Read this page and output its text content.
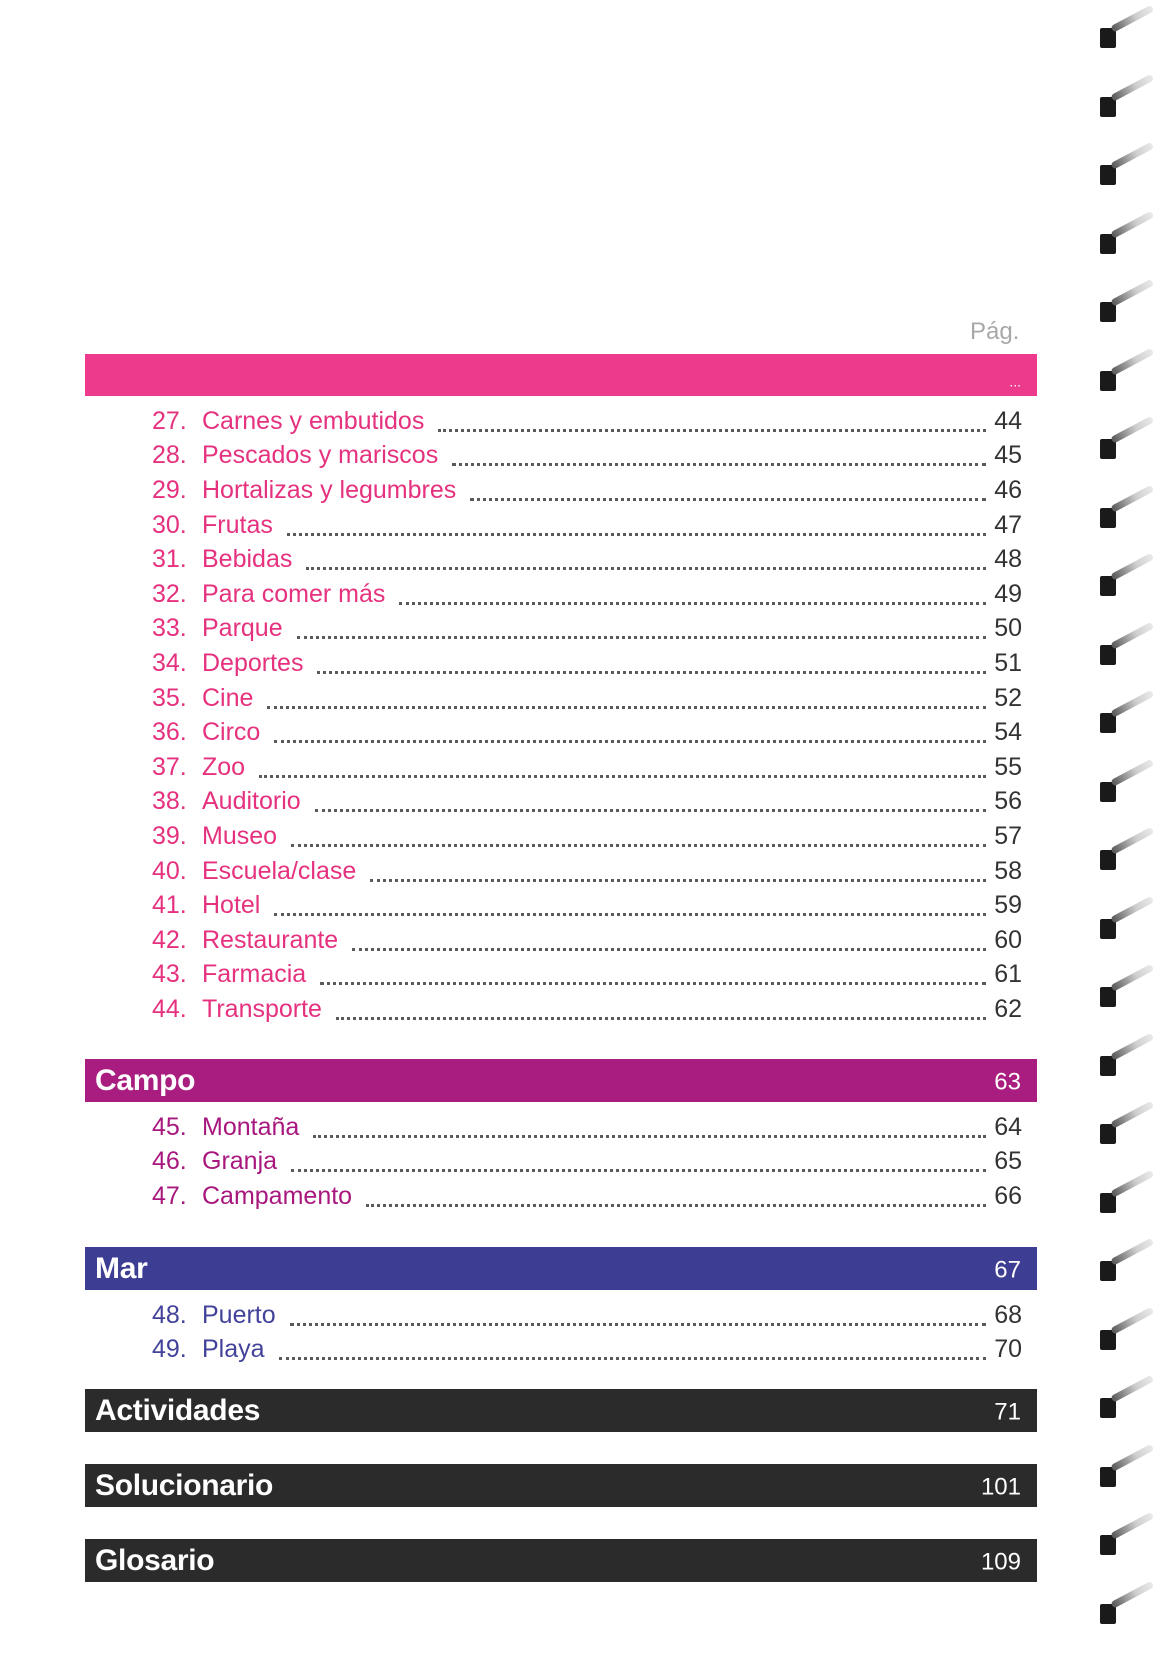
Pág.
...
27. Carnes y embutidos	44
28. Pescados y mariscos	45
29. Hortalizas y legumbres	46
30. Frutas	47
31. Bebidas	48
32. Para comer más	49
33. Parque	50
34. Deportes	51
35. Cine	52
36. Circo	54
37. Zoo	55
38. Auditorio	56
39. Museo	57
40. Escuela/clase	58
41. Hotel	59
42. Restaurante	60
43. Farmacia	61
44. Transporte	62
Campo	63
45. Montaña	64
46. Granja	65
47. Campamento	66
Mar	67
48. Puerto	68
49. Playa	70
Actividades	71
Solucionario	101
Glosario	109
